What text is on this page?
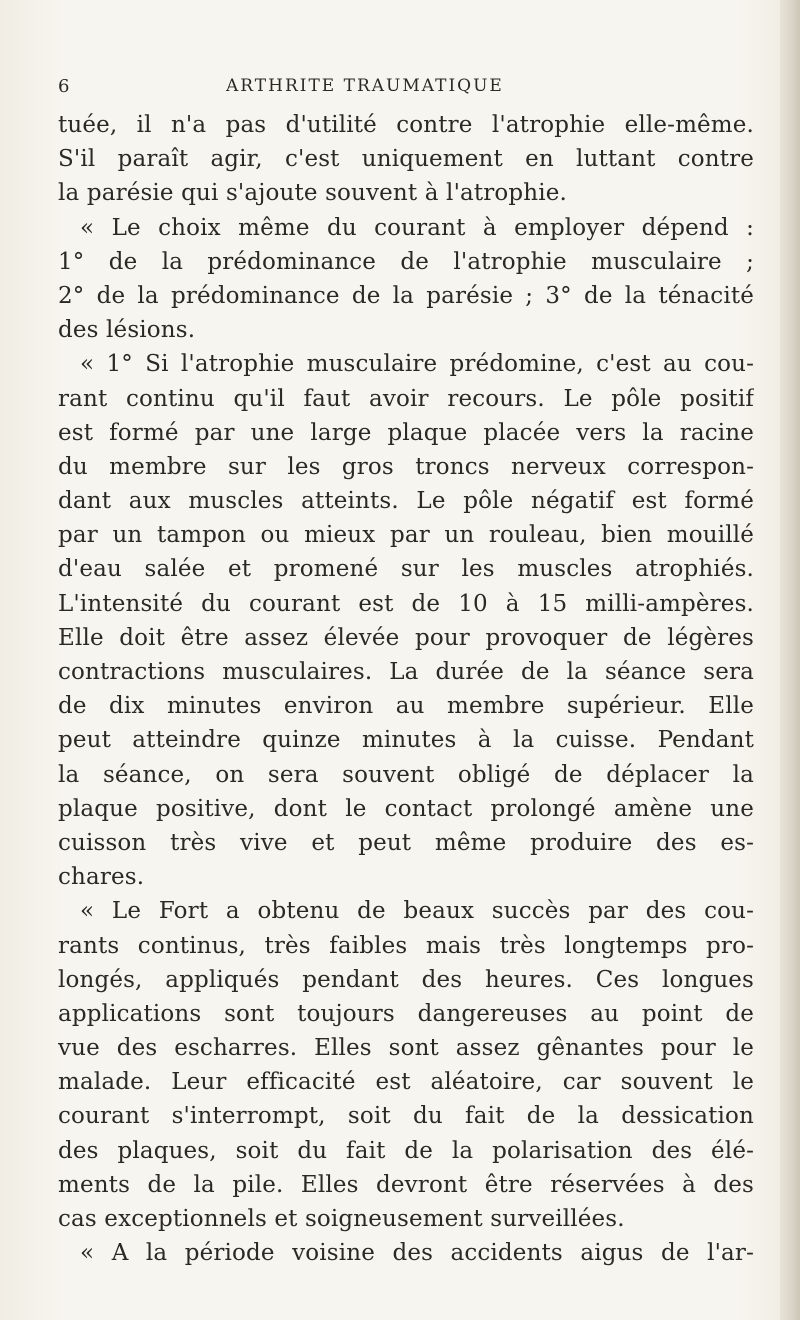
6	ARTHRITE TRAUMATIQUE
tuée, il n'a pas d'utilité contre l'atrophie elle-même.
S'il paraît agir, c'est uniquement en luttant contre
la parésie qui s'ajoute souvent à l'atrophie.
« Le choix même du courant à employer dépend :
1° de la prédominance de l'atrophie musculaire ;
2° de la prédominance de la parésie ; 3° de la ténacité
des lésions.
« 1° Si l'atrophie musculaire prédomine, c'est au cou-
rant continu qu'il faut avoir recours. Le pôle positif
est formé par une large plaque placée vers la racine
du membre sur les gros troncs nerveux correspon-
dant aux muscles atteints. Le pôle négatif est formé
par un tampon ou mieux par un rouleau, bien mouillé
d'eau salée et promené sur les muscles atrophiés.
L'intensité du courant est de 10 à 15 milli-ampères.
Elle doit être assez élevée pour provoquer de légères
contractions musculaires. La durée de la séance sera
de dix minutes environ au membre supérieur. Elle
peut atteindre quinze minutes à la cuisse. Pendant
la séance, on sera souvent obligé de déplacer la
plaque positive, dont le contact prolongé amène une
cuisson très vive et peut même produire des es-
chares.
« Le Fort a obtenu de beaux succès par des cou-
rants continus, très faibles mais très longtemps pro-
longés, appliqués pendant des heures. Ces longues
applications sont toujours dangereuses au point de
vue des escharres. Elles sont assez gênantes pour le
malade. Leur efficacité est aléatoire, car souvent le
courant s'interrompt, soit du fait de la dessication
des plaques, soit du fait de la polarisation des élé-
ments de la pile. Elles devront être réservées à des
cas exceptionnels et soigneusement surveillées.
« A la période voisine des accidents aigus de l'ar-
